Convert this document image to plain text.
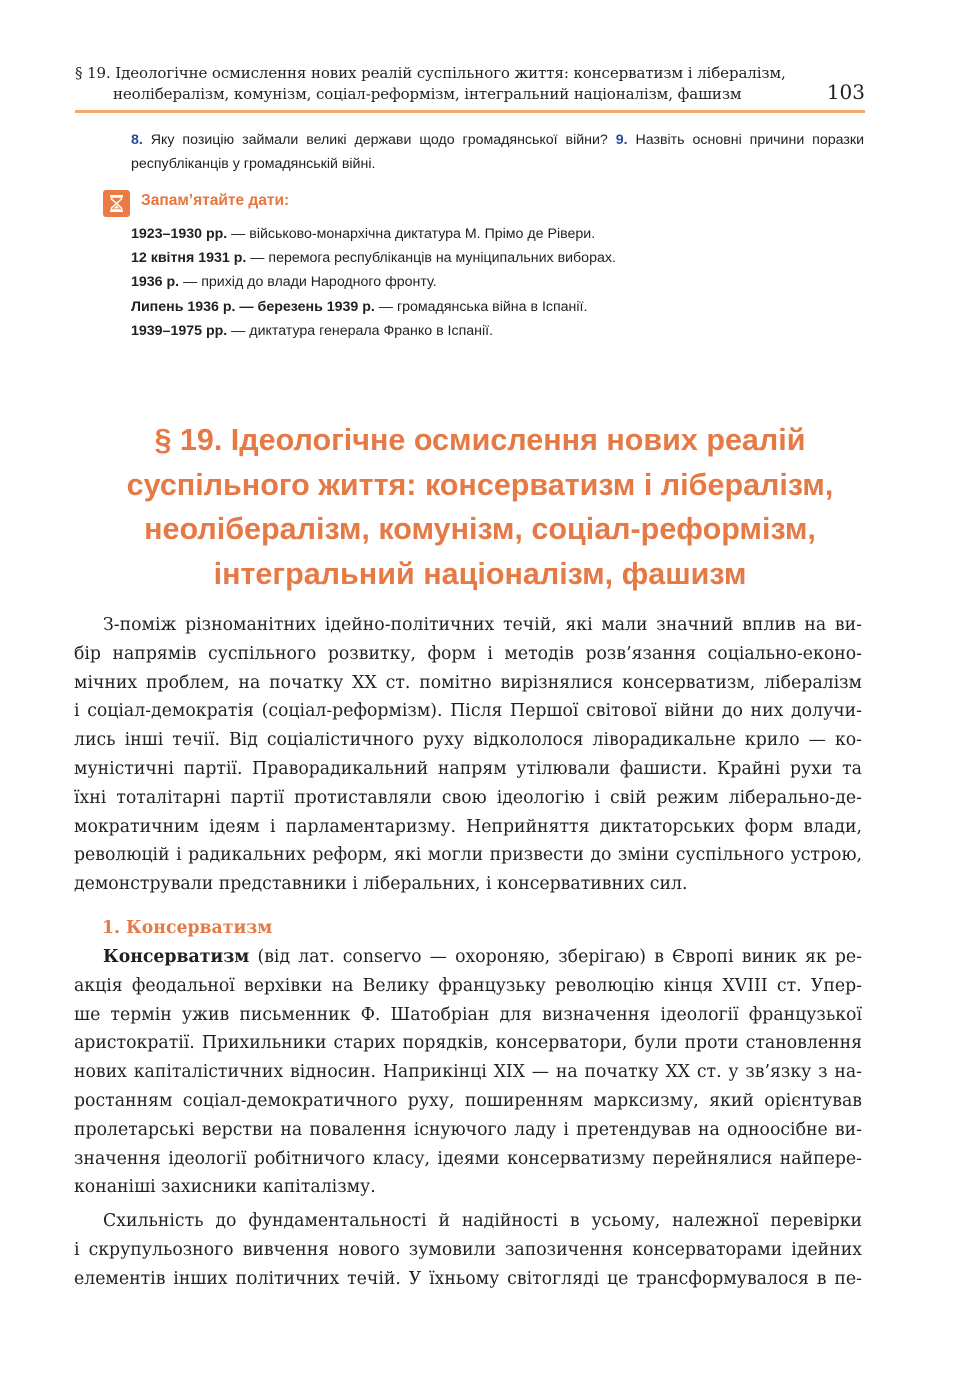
§ 19. Ідеологічне осмислення нових реалій суспільного життя: консерватизм і лібералізм,
неолібералізм, комунізм, соціал-реформізм, інтегральний націоналізм, фашизм	103
8. Яку позицію займали великі держави щодо громадянської війни? 9. Назвіть основні причини поразки республіканців у громадянській війні.
Запам’ятайте дати:
1923–1930 рр. — військово-монархічна диктатура М. Прімо де Рівери.
12 квітня 1931 р. — перемога республіканців на муніципальних виборах.
1936 р. — прихід до влади Народного фронту.
Липень 1936 р. — березень 1939 р. — громадянська війна в Іспанії.
1939–1975 рр. — диктатура генерала Франко в Іспанії.
§ 19. Ідеологічне осмислення нових реалій
суспільного життя: консерватизм і лібералізм,
неолібералізм, комунізм, соціал-реформізм,
інтегральний націоналізм, фашизм
З-поміж різноманітних ідейно-політичних течій, які мали значний вплив на ви-
бір напрямів суспільного розвитку, форм і методів розв’язання соціально-еконо-
мічних проблем, на початку XX ст. помітно вирізнялися консерватизм, лібералізм
і соціал-демократія (соціал-реформізм). Після Першої світової війни до них долучи-
лись інші течії. Від соціалістичного руху відкололося ліворадикальне крило — ко-
муністичні партії. Праворадикальний напрям утілювали фашисти. Крайні рухи та
їхні тоталітарні партії протиставляли свою ідеологію і свій режим ліберально-де-
мократичним ідеям і парламентаризму. Неприйняття диктаторських форм влади,
революцій і радикальних реформ, які могли призвести до зміни суспільного устрою,
демонстрували представники і ліберальних, і консервативних сил.
1. Консерватизм
Консерватизм (від лат. conservo — охороняю, зберігаю) в Європі виник як ре-
акція феодальної верхівки на Велику французьку революцію кінця XVIII ст. Упер-
ше термін ужив письменник Ф. Шатобріан для визначення ідеології французької
аристократії. Прихильники старих порядків, консерватори, були проти становлення
нових капіталістичних відносин. Наприкінці XIX — на початку XX ст. у зв’язку з на-
ростанням соціал-демократичного руху, поширенням марксизму, який орієнтував
пролетарські верстви на повалення існуючого ладу і претендував на одноосібне ви-
значення ідеології робітничого класу, ідеями консерватизму перейнялися найпере-
конаніші захисники капіталізму.
Схильність до фундаментальності й надійності в усьому, належної перевірки
і скрупульозного вивчення нового зумовили запозичення консерваторами ідейних
елементів інших політичних течій. У їхньому світогляді це трансформувалося в пе-
